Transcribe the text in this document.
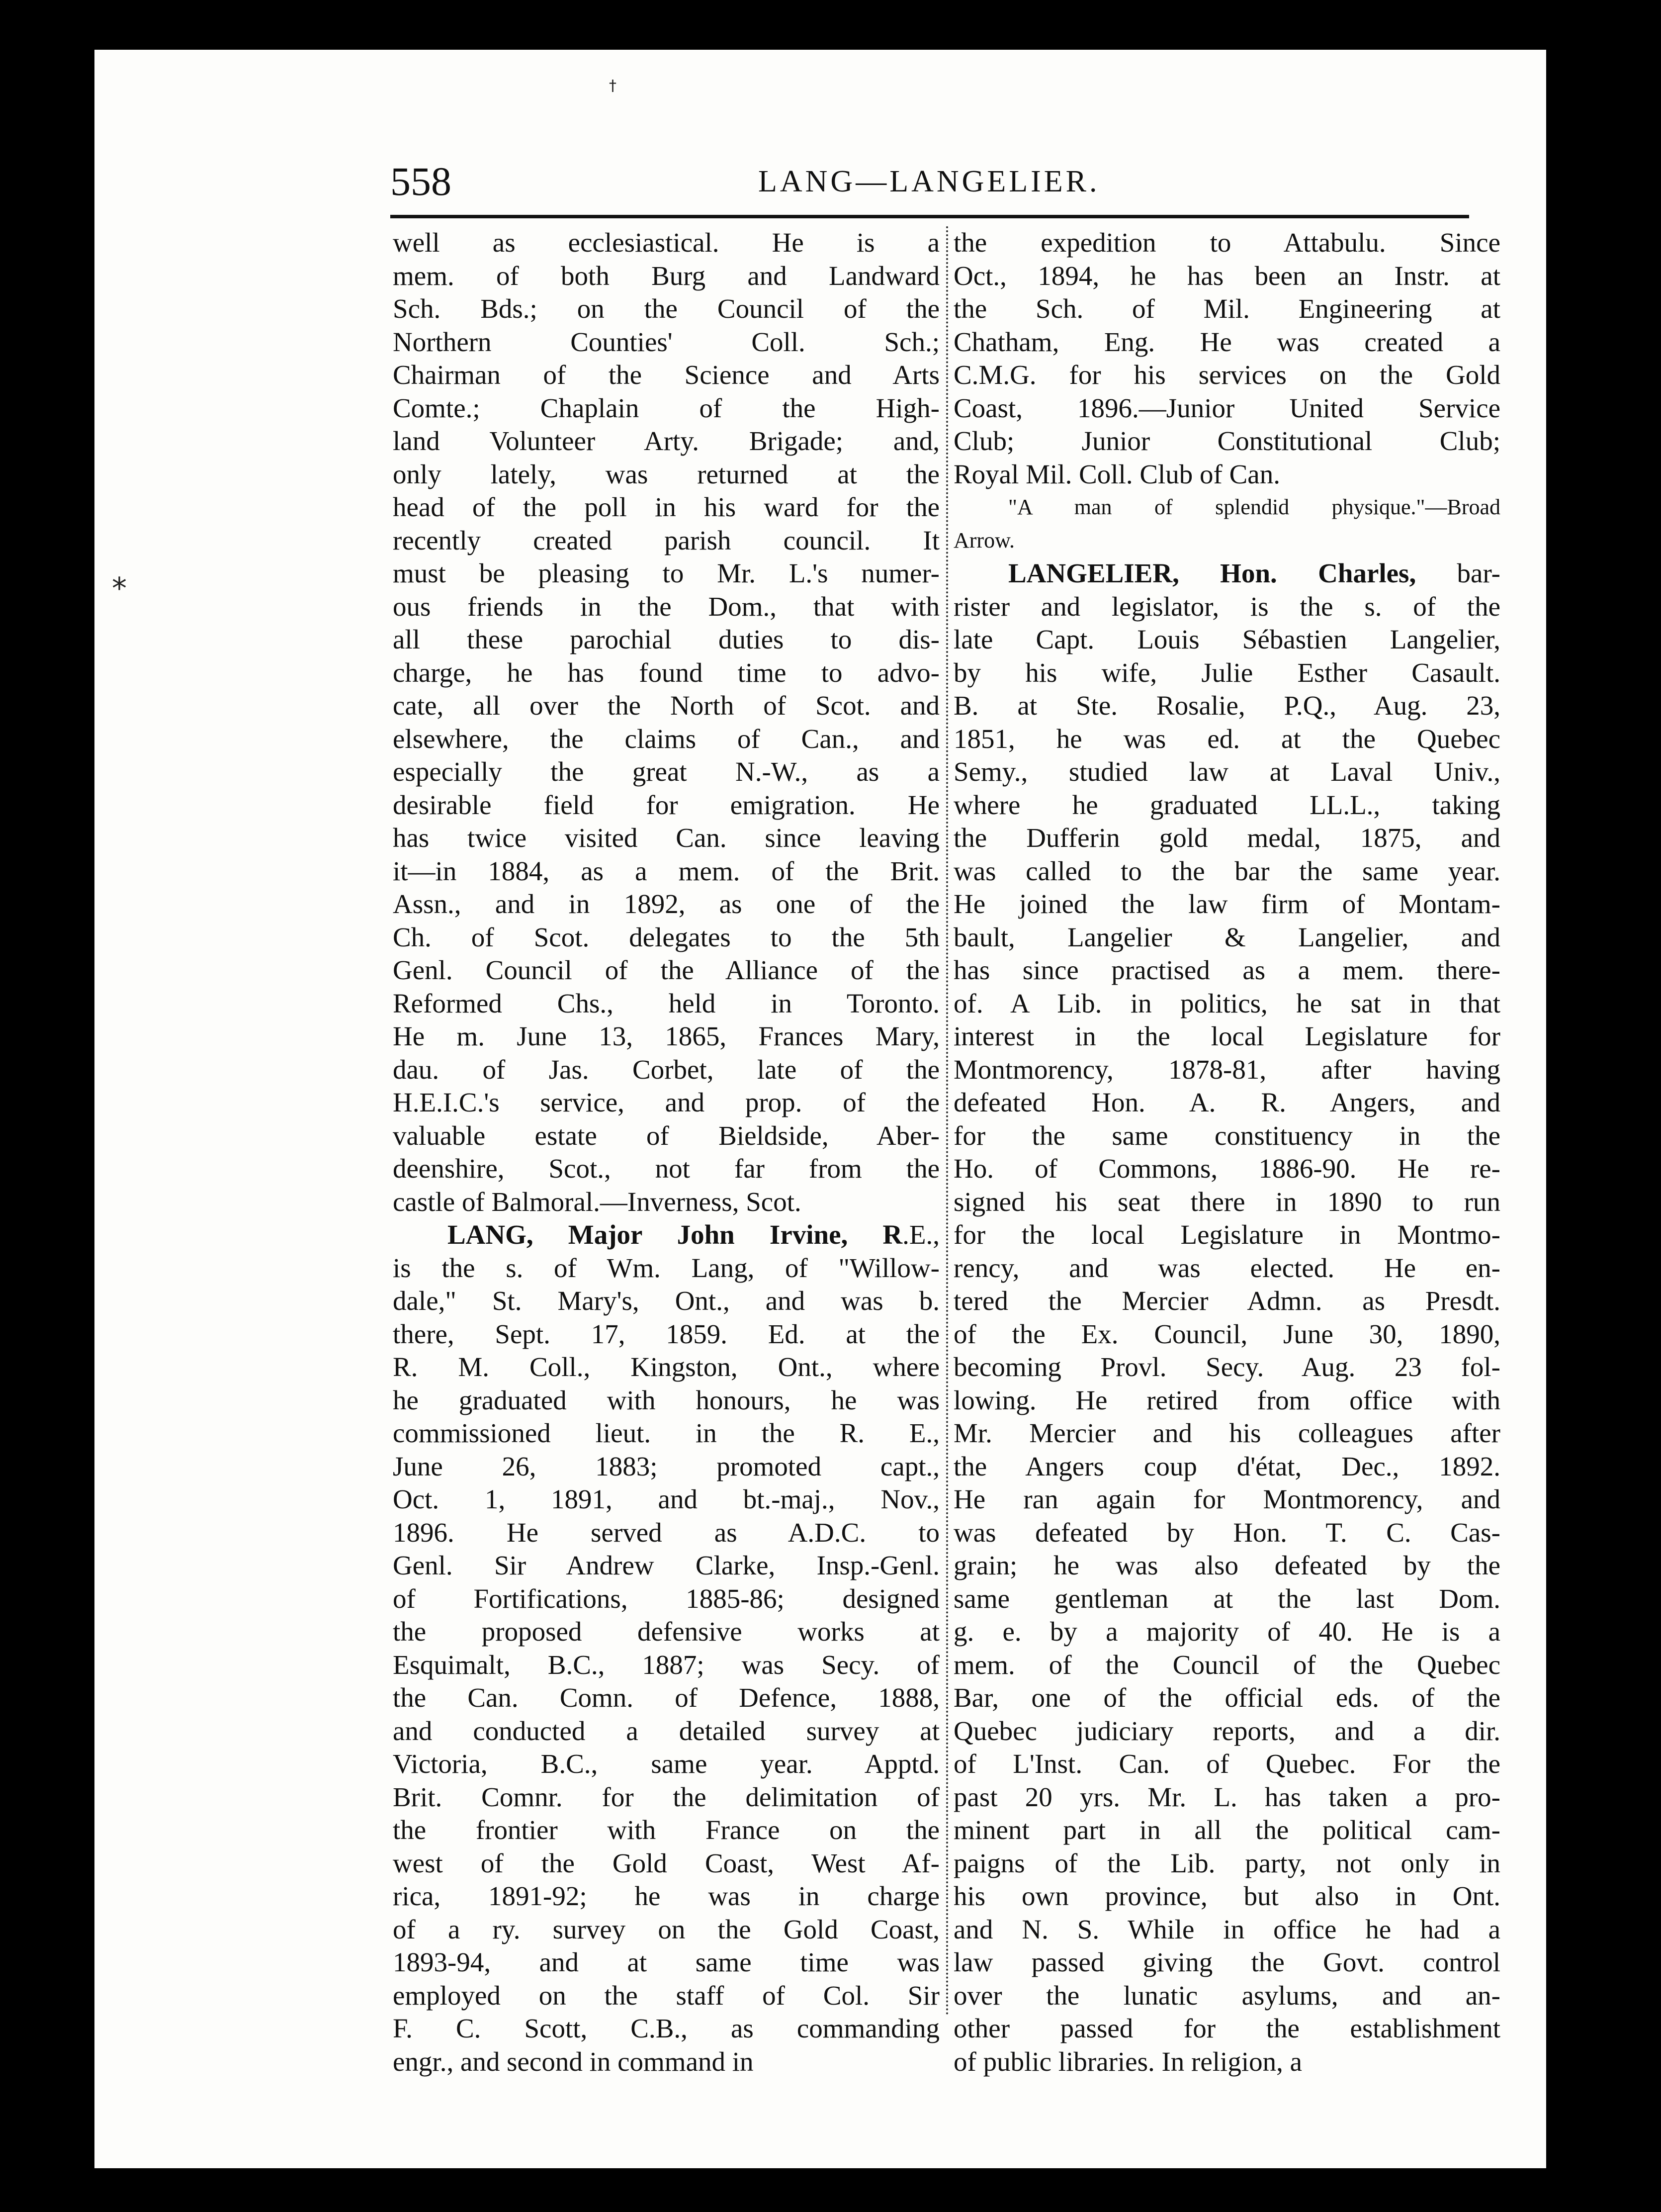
558	LANG—LANGELIER.
well as ecclesiastical. He is a
mem. of both Burg and Landward
Sch. Bds.; on the Council of the
Northern Counties' Coll. Sch.;
Chairman of the Science and Arts
Comte.; Chaplain of the High-
land Volunteer Arty. Brigade; and,
only lately, was returned at the
head of the poll in his ward for the
recently created parish council. It
must be pleasing to Mr. L.'s numer-
ous friends in the Dom., that with
all these parochial duties to dis-
charge, he has found time to advo-
cate, all over the North of Scot. and
elsewhere, the claims of Can., and
especially the great N.-W., as a
desirable field for emigration. He
has twice visited Can. since leaving
it—in 1884, as a mem. of the Brit.
Assn., and in 1892, as one of the
Ch. of Scot. delegates to the 5th
Genl. Council of the Alliance of the
Reformed Chs., held in Toronto.
He m. June 13, 1865, Frances Mary,
dau. of Jas. Corbet, late of the
H.E.I.C.'s service, and prop. of the
valuable estate of Bieldside, Aber-
deenshire, Scot., not far from the
castle of Balmoral.—Inverness, Scot.
LANG, Major John Irvine, R.E.,
is the s. of Wm. Lang, of "Willow-
dale," St. Mary's, Ont., and was b.
there, Sept. 17, 1859. Ed. at the
R. M. Coll., Kingston, Ont., where
he graduated with honours, he was
commissioned lieut. in the R. E.,
June 26, 1883; promoted capt.,
Oct. 1, 1891, and bt.-maj., Nov.,
1896. He served as A.D.C. to
Genl. Sir Andrew Clarke, Insp.-Genl.
of Fortifications, 1885-86; designed
the proposed defensive works at
Esquimalt, B.C., 1887; was Secy. of
the Can. Comn. of Defence, 1888,
and conducted a detailed survey at
Victoria, B.C., same year. Apptd.
Brit. Comnr. for the delimitation of
the frontier with France on the
west of the Gold Coast, West Af-
rica, 1891-92; he was in charge
of a ry. survey on the Gold Coast,
1893-94, and at same time was
employed on the staff of Col. Sir
F. C. Scott, C.B., as commanding
engr., and second in command in
the expedition to Attabulu. Since
Oct., 1894, he has been an Instr. at
the Sch. of Mil. Engineering at
Chatham, Eng. He was created a
C.M.G. for his services on the Gold
Coast, 1896.—Junior United Service
Club; Junior Constitutional Club;
Royal Mil. Coll. Club of Can.
"A man of splendid physique."—Broad
Arrow.
LANGELIER, Hon. Charles, bar-
rister and legislator, is the s. of the
late Capt. Louis Sébastien Langelier,
by his wife, Julie Esther Casault.
B. at Ste. Rosalie, P.Q., Aug. 23,
1851, he was ed. at the Quebec
Semy., studied law at Laval Univ.,
where he graduated LL.L., taking
the Dufferin gold medal, 1875, and
was called to the bar the same year.
He joined the law firm of Montam-
bault, Langelier & Langelier, and
has since practised as a mem. there-
of. A Lib. in politics, he sat in that
interest in the local Legislature for
Montmorency, 1878-81, after having
defeated Hon. A. R. Angers, and
for the same constituency in the
Ho. of Commons, 1886-90. He re-
signed his seat there in 1890 to run
for the local Legislature in Montmo-
rency, and was elected. He en-
tered the Mercier Admn. as Presdt.
of the Ex. Council, June 30, 1890,
becoming Provl. Secy. Aug. 23 fol-
lowing. He retired from office with
Mr. Mercier and his colleagues after
the Angers coup d'état, Dec., 1892.
He ran again for Montmorency, and
was defeated by Hon. T. C. Cas-
grain; he was also defeated by the
same gentleman at the last Dom.
g. e. by a majority of 40. He is a
mem. of the Council of the Quebec
Bar, one of the official eds. of the
Quebec judiciary reports, and a dir.
of L'Inst. Can. of Quebec. For the
past 20 yrs. Mr. L. has taken a pro-
minent part in all the political cam-
paigns of the Lib. party, not only in
his own province, but also in Ont.
and N. S. While in office he had a
law passed giving the Govt. control
over the lunatic asylums, and an-
other passed for the establishment
of public libraries. In religion, a
⁎
†
